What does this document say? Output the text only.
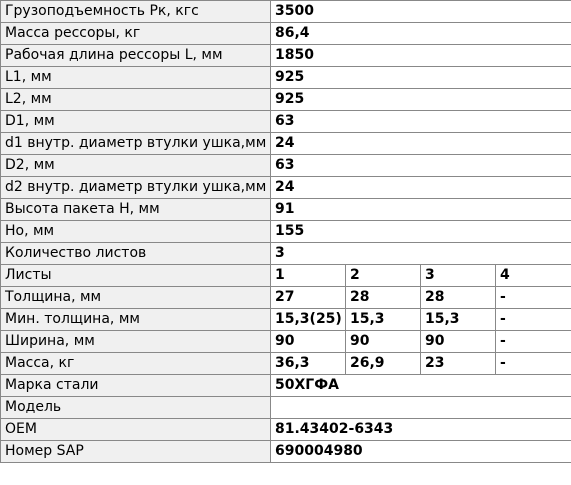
Грузоподъемность Рк, кгс	3500			
Масса рессоры, кг	86,4			
Рабочая длина рессоры L, мм	1850			
L1, мм	925			
L2, мм	925			
D1, мм	63			
d1 внутр. диаметр втулки ушка,мм	24			
D2, мм	63			
d2 внутр. диаметр втулки ушка,мм	24			
Высота пакета H, мм	91			
Ho, мм	155			
Количество листов	3			
Листы	1	2	3	4
Толщина, мм	27	28	28	-
Мин. толщина, мм	15,3(25)	15,3	15,3	-
Ширина, мм	90	90	90	-
Масса, кг	36,3	26,9	23	-
Марка стали	50ХГФА			
Модель				
OEM	81.43402-6343			
Номер SAP	690004980			
